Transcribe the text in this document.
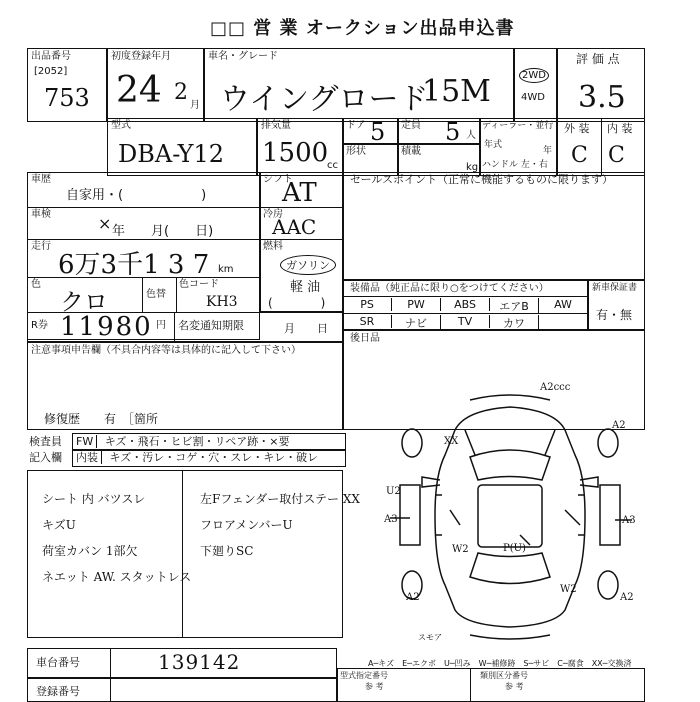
□□ 営 業 オークション出品申込書
出品番号
[2052]
753
初度登録年月
24 2
月
車名・グレード
ウイングロード
15M	2WD
4WD
評 価 点
3.5
型式
DBA-Y12
排気量
1500
cc
ドア 5 定員 5 人
ディーラー・並行
年式
年
ハンドル 左・右
形状	積載
kg
外 装 内 装
C C
車歴
自家用・(　　　　　　)
車検	× 年　　月(　　日)
走行
6万3千1 3 7 km
色
クロ	色替
色コード
KH3
シフト
AT
冷房
AAC
燃料
ガソリン
軽 油
(　　　　)
セールスポイント（正常に機能するものに限ります）
装備品（純正品に限り○をつけてください）
PS	PW	ABS	エアB	AW
SR	ナビ	TV	カワ
新車保証書
有・無
R券 11980 円 名変通知期限	月　　日
後日品
注意事項申告欄（不具合内容等は具体的に記入して下さい）
修復歴　　有　［箇所
検査員
記入欄
FW キズ・飛石・ヒビ割・リペア跡・×要
内装 キズ・汚レ・コゲ・穴・スレ・キレ・破レ
シート 内 バツスレ
キズU
荷室カバン 1部欠
ネエット AW. スタットレス
左Fフェンダー取付ステー XX
フロアメンバーU
下廻りSC
A2ccc
A2
XX
U2
A3	A3
W2	P(U)
A2
W2
A2
スモア
A─キズ　E─エクボ　U─凹み　W─補修跡　S─サビ　C─腐食　XX─交換済
車台番号	139142
登録番号
型式指定番号
参 考
類別区分番号
参 考
